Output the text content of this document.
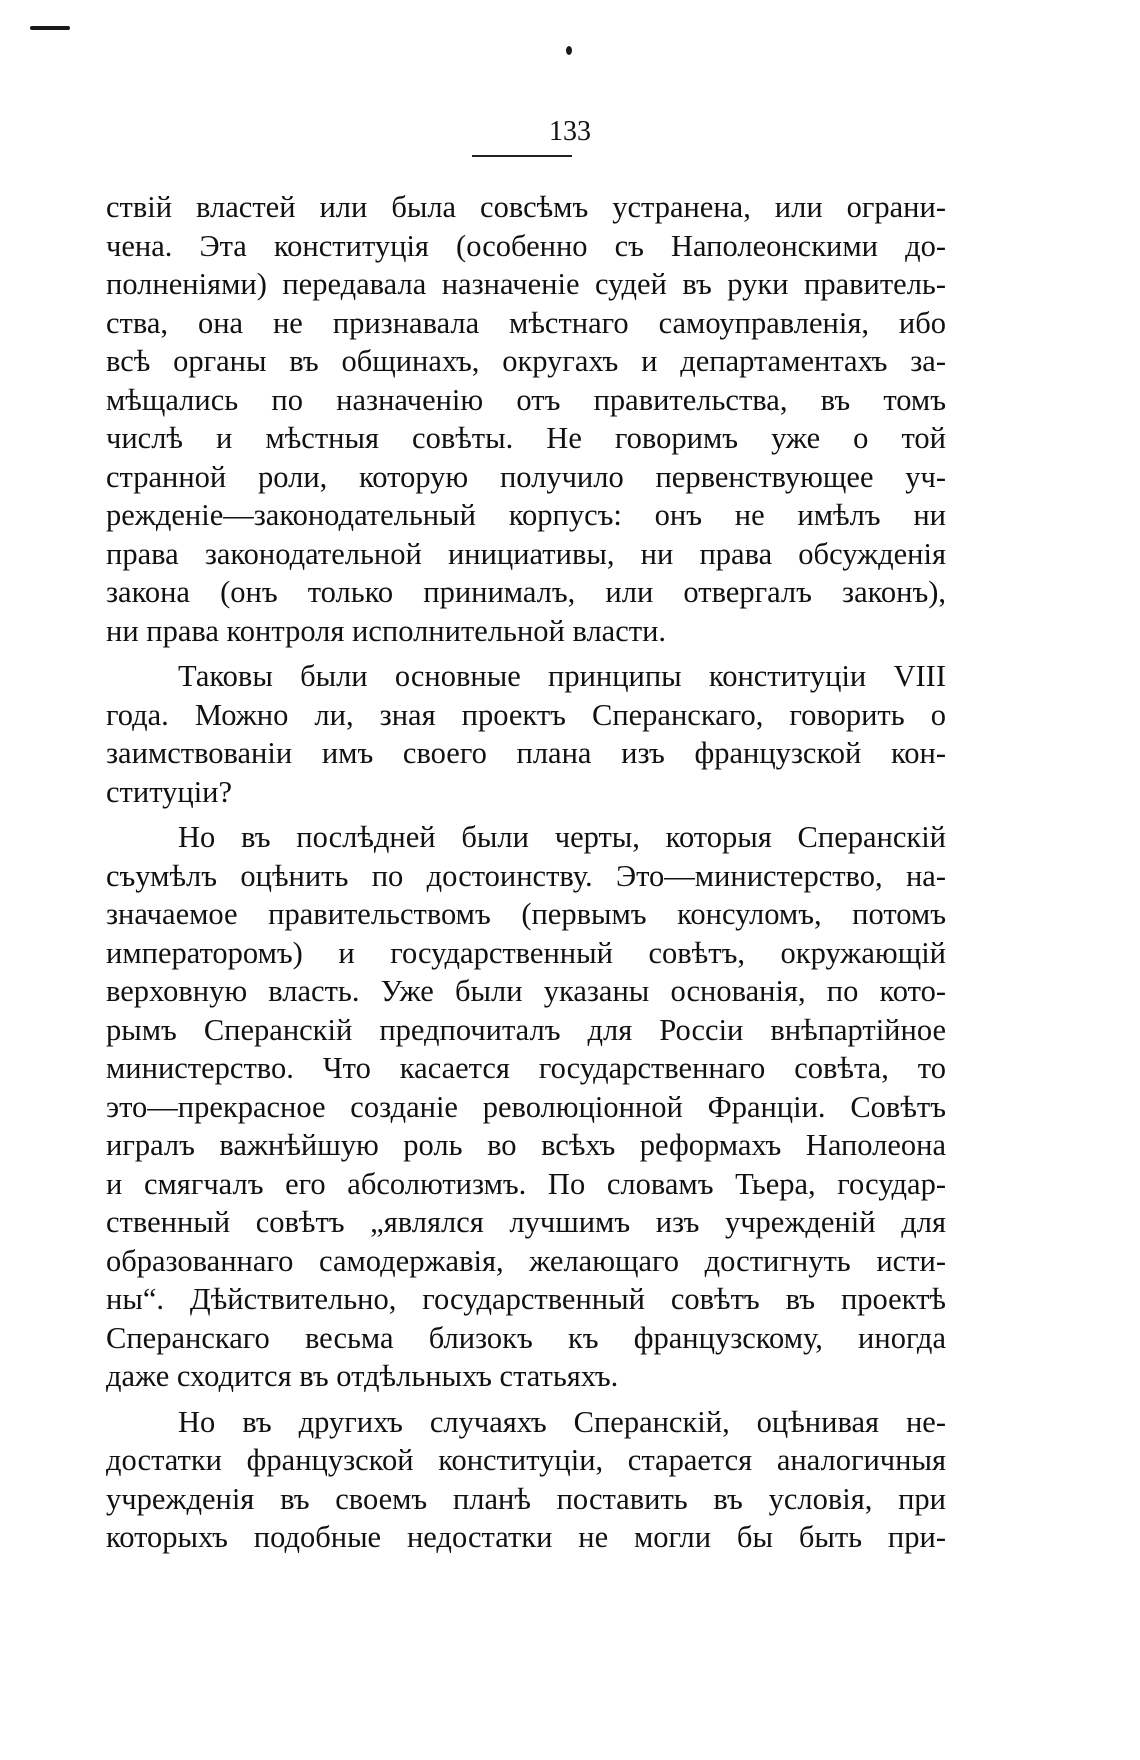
133
ствій властей или была совсѣмъ устранена, или ограни-
чена. Эта конституція (особенно съ Наполеонскими до-
полненіями) передавала назначеніе судей въ руки правитель-
ства, она не признавала мѣстнаго самоуправленія, ибо
всѣ органы въ общинахъ, округахъ и департаментахъ за-
мѣщались по назначенію отъ правительства, въ томъ
числѣ и мѣстныя совѣты. Не говоримъ уже о той
странной роли, которую получило первенствующее уч-
режденіе—законодательный корпусъ: онъ не имѣлъ ни
права законодательной инициативы, ни права обсужденія
закона (онъ только принималъ, или отвергалъ законъ),
ни права контроля исполнительной власти.
Таковы были основные принципы конституціи VIII
года. Можно ли, зная проектъ Сперанскаго, говорить о
заимствованіи имъ своего плана изъ французской кон-
ституціи?
Но въ послѣдней были черты, которыя Сперанскій
съумѣлъ оцѣнить по достоинству. Это—министерство, на-
значаемое правительствомъ (первымъ консуломъ, потомъ
императоромъ) и государственный совѣтъ, окружающій
верховную власть. Уже были указаны основанія, по кото-
рымъ Сперанскій предпочиталъ для Россіи внѣпартійное
министерство. Что касается государственнаго совѣта, то
это—прекрасное созданіе революціонной Франціи. Совѣтъ
игралъ важнѣйшую роль во всѣхъ реформахъ Наполеона
и смягчалъ его абсолютизмъ. По словамъ Тьера, государ-
ственный совѣтъ „являлся лучшимъ изъ учрежденій для
образованнаго самодержавія, желающаго достигнуть исти-
ны“. Дѣйствительно, государственный совѣтъ въ проектѣ
Сперанскаго весьма близокъ къ французскому, иногда
даже сходится въ отдѣльныхъ статьяхъ.
Но въ другихъ случаяхъ Сперанскій, оцѣнивая не-
достатки французской конституціи, старается аналогичныя
учрежденія въ своемъ планѣ поставить въ условія, при
которыхъ подобные недостатки не могли бы быть при-
